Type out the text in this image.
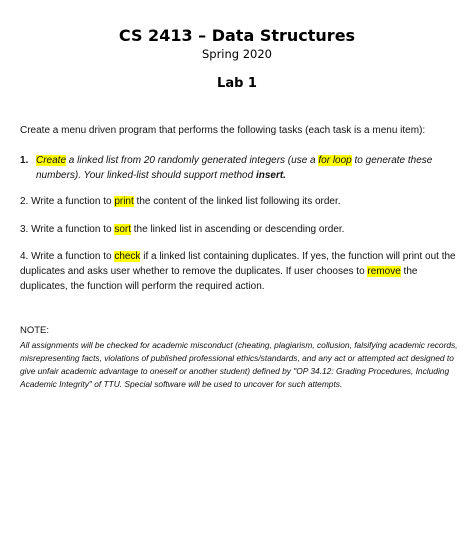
CS 2413 – Data Structures
Spring 2020
Lab 1
Create a menu driven program that performs the following tasks (each task is a menu item):
1. Create a linked list from 20 randomly generated integers (use a for loop to generate these numbers). Your linked-list should support method insert.
2. Write a function to print the content of the linked list following its order.
3. Write a function to sort the linked list in ascending or descending order.
4. Write a function to check if a linked list containing duplicates. If yes, the function will print out the duplicates and asks user whether to remove the duplicates. If user chooses to remove the duplicates, the function will perform the required action.
NOTE:
All assignments will be checked for academic misconduct (cheating, plagiarism, collusion, falsifying academic records, misrepresenting facts, violations of published professional ethics/standards, and any act or attempted act designed to give unfair academic advantage to oneself or another student) defined by "OP 34.12: Grading Procedures, Including Academic Integrity" of TTU. Special software will be used to uncover for such attempts.
